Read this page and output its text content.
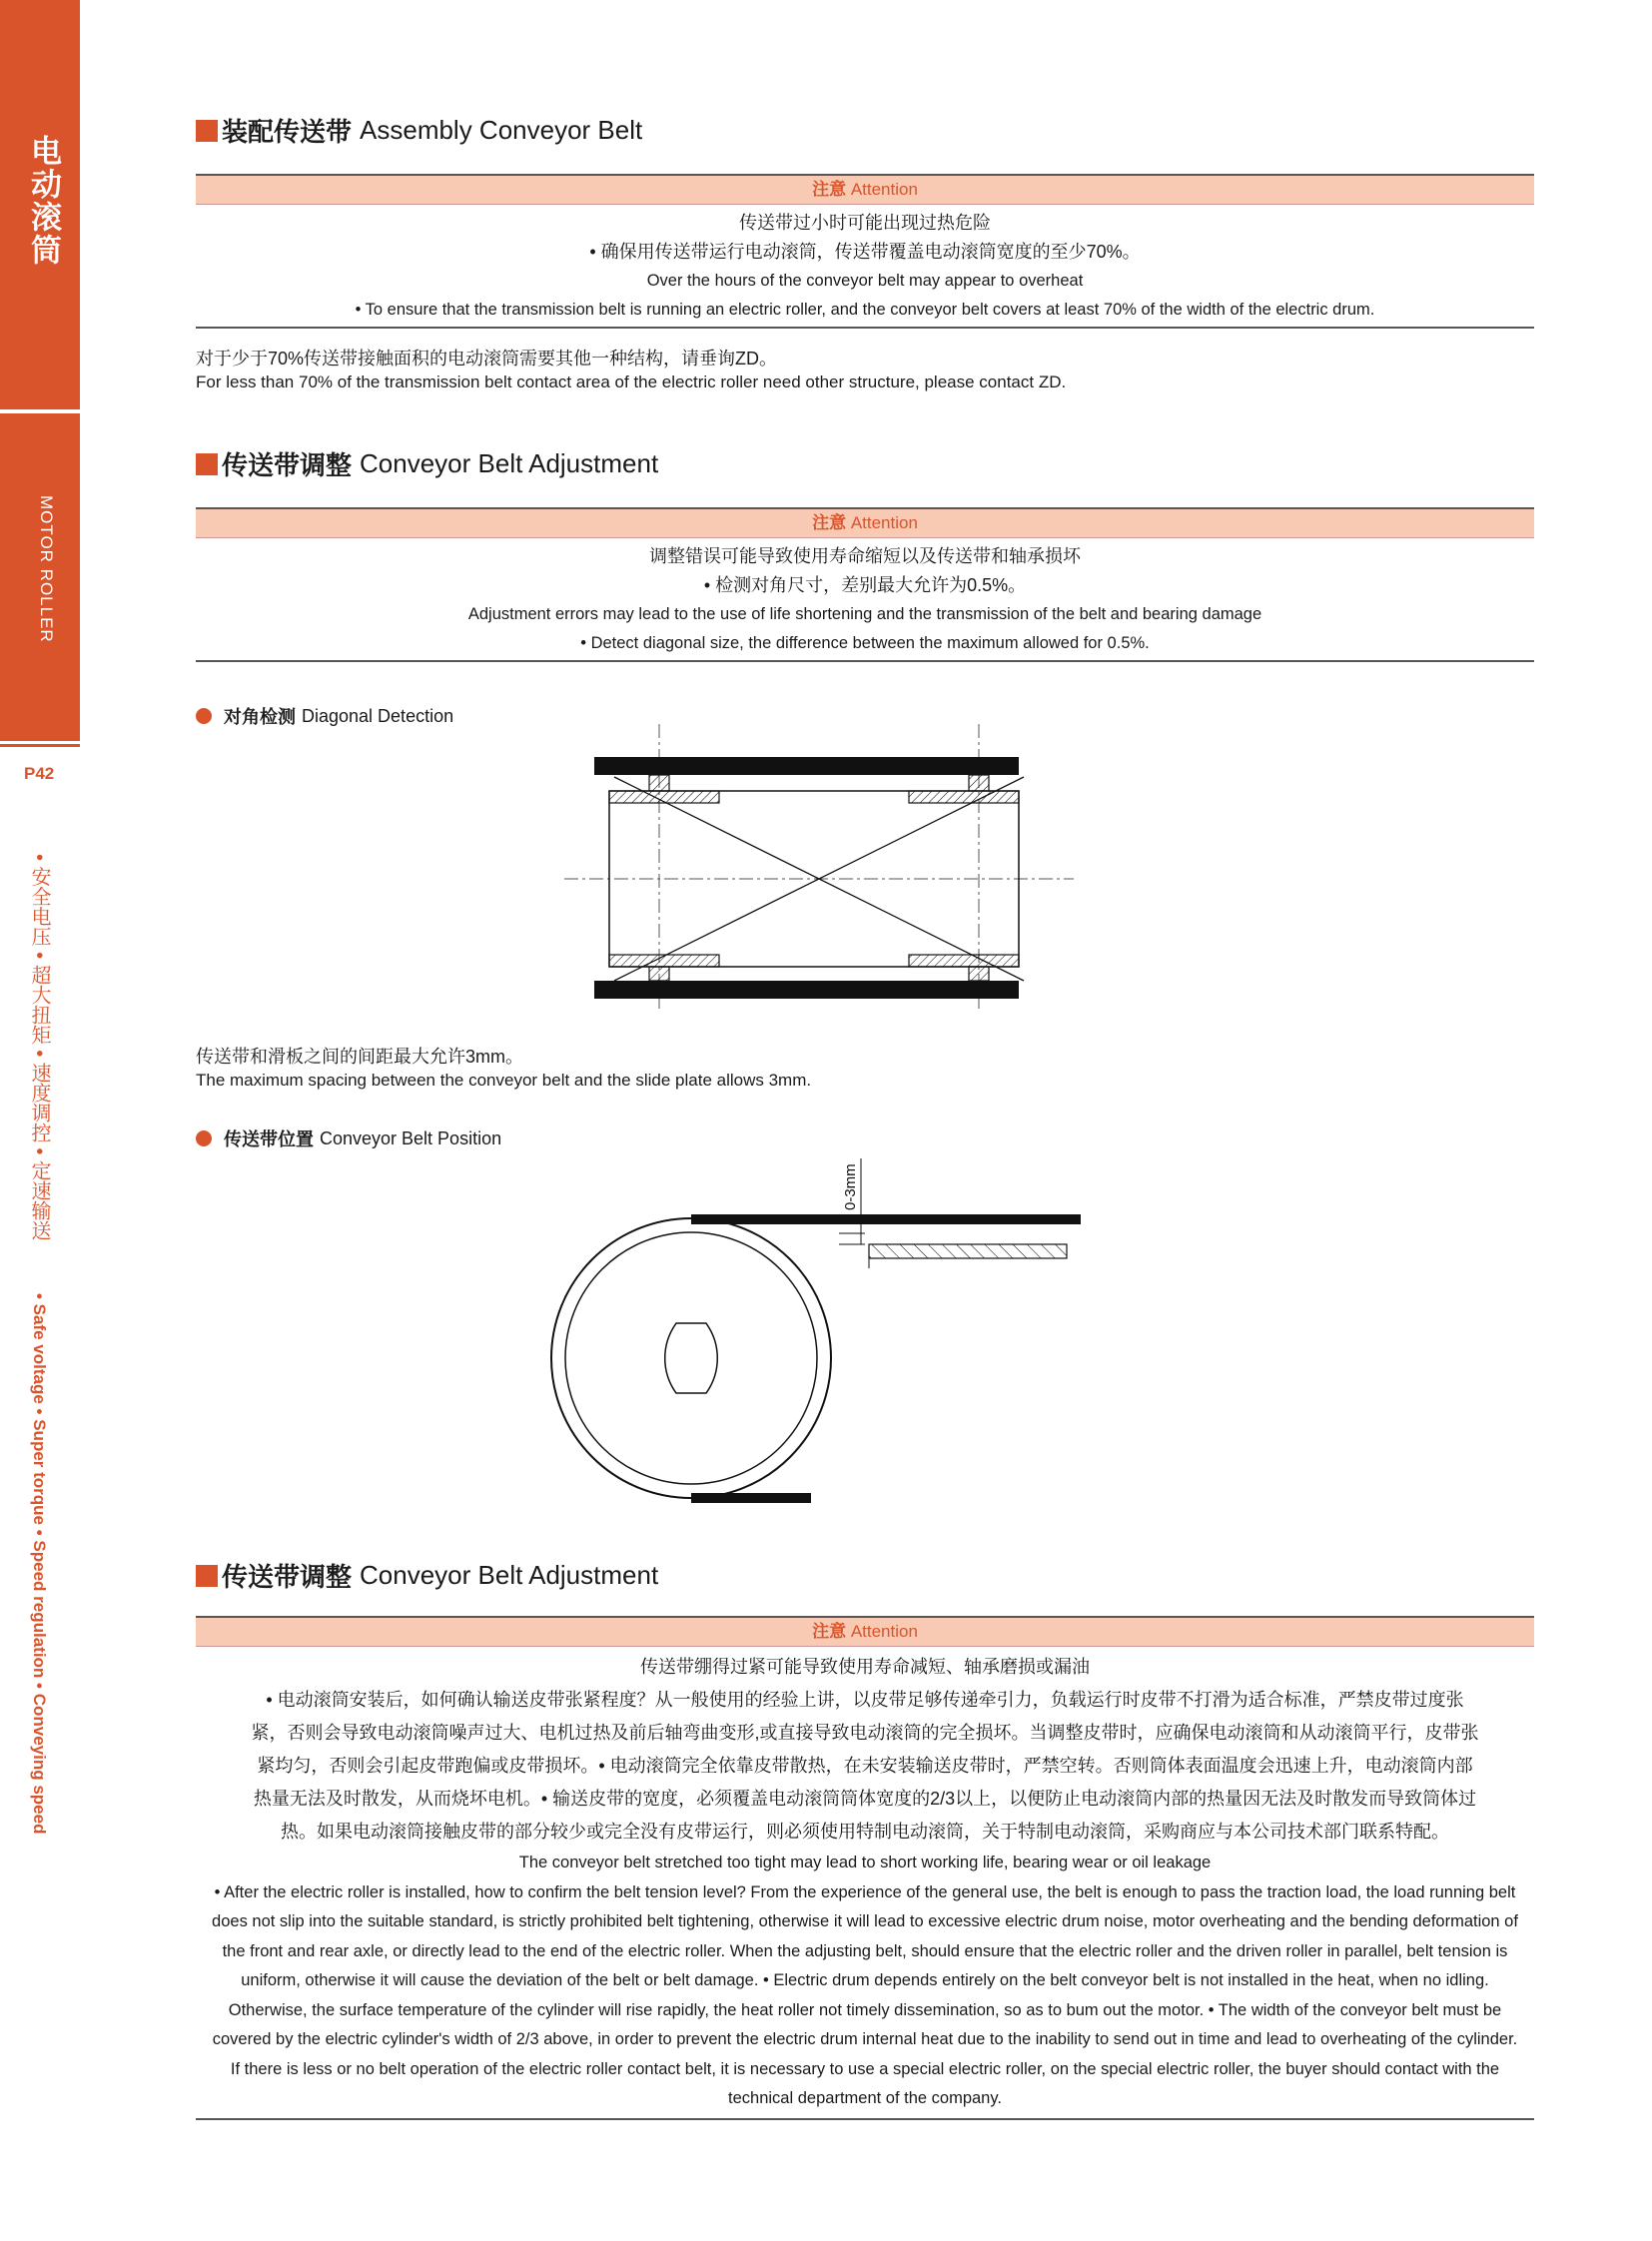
电动滚筒
MOTOR ROLLER
P42
• 安全电压 • 超大扭矩 • 速度调控 • 定速输送
• Safe voltage • Super torque • Speed regulation • Conveying speed
装配传送带 Assembly Conveyor Belt
注意 Attention
传送带过小时可能出现过热危险
• 确保用传送带运行电动滚筒，传送带覆盖电动滚筒宽度的至少70%。
Over the hours of the conveyor belt may appear to overheat
• To ensure that the transmission belt is running an electric roller, and the conveyor belt covers at least 70% of the width of the electric drum.
对于少于70%传送带接触面积的电动滚筒需要其他一种结构，请垂询ZD。
For less than 70% of the transmission belt contact area of the electric roller need other structure, please contact ZD.
传送带调整 Conveyor Belt Adjustment
注意 Attention
调整错误可能导致使用寿命缩短以及传送带和轴承损坏
• 检测对角尺寸，差别最大允许为0.5%。
Adjustment errors may lead to the use of life shortening and the transmission of the belt and bearing damage
• Detect diagonal size, the difference between the maximum allowed for 0.5%.
对角检测 Diagonal Detection
传送带和滑板之间的间距最大允许3mm。
The maximum spacing between the conveyor belt and the slide plate allows 3mm.
传送带位置 Conveyor Belt Position
0-3mm
传送带调整 Conveyor Belt Adjustment
注意 Attention
传送带绷得过紧可能导致使用寿命减短、轴承磨损或漏油
• 电动滚筒安装后，如何确认输送皮带张紧程度？从一般使用的经验上讲，以皮带足够传递牵引力，负载运行时皮带不打滑为适合标准，严禁皮带过度张
紧，否则会导致电动滚筒噪声过大、电机过热及前后轴弯曲变形,或直接导致电动滚筒的完全损坏。当调整皮带时，应确保电动滚筒和从动滚筒平行，皮带张
紧均匀，否则会引起皮带跑偏或皮带损坏。• 电动滚筒完全依靠皮带散热，在未安装输送皮带时，严禁空转。否则筒体表面温度会迅速上升，电动滚筒内部
热量无法及时散发，从而烧坏电机。• 输送皮带的宽度，必须覆盖电动滚筒筒体宽度的2/3以上，以便防止电动滚筒内部的热量因无法及时散发而导致筒体过
热。如果电动滚筒接触皮带的部分较少或完全没有皮带运行，则必须使用特制电动滚筒，关于特制电动滚筒，采购商应与本公司技术部门联系特配。
The conveyor belt stretched too tight may lead to short working life, bearing wear or oil leakage
• After the electric roller is installed, how to confirm the belt tension level? From the experience of the general use, the belt is enough to pass the traction load, the load running belt
does not slip into the suitable standard, is strictly prohibited belt tightening, otherwise it will lead to excessive electric drum noise, motor overheating and the bending deformation of
the front and rear axle, or directly lead to the end of the electric roller. When the adjusting belt, should ensure that the electric roller and the driven roller in parallel, belt tension is
uniform, otherwise it will cause the deviation of the belt or belt damage. • Electric drum depends entirely on the belt conveyor belt is not installed in the heat, when no idling.
Otherwise, the surface temperature of the cylinder will rise rapidly, the heat roller not timely dissemination, so as to bum out the motor. • The width of the conveyor belt must be
covered by the electric cylinder's width of 2/3 above, in order to prevent the electric drum internal heat due to the inability to send out in time and lead to overheating of the cylinder.
If there is less or no belt operation of the electric roller contact belt, it is necessary to use a special electric roller, on the special electric roller, the buyer should contact with the
technical department of the company.
